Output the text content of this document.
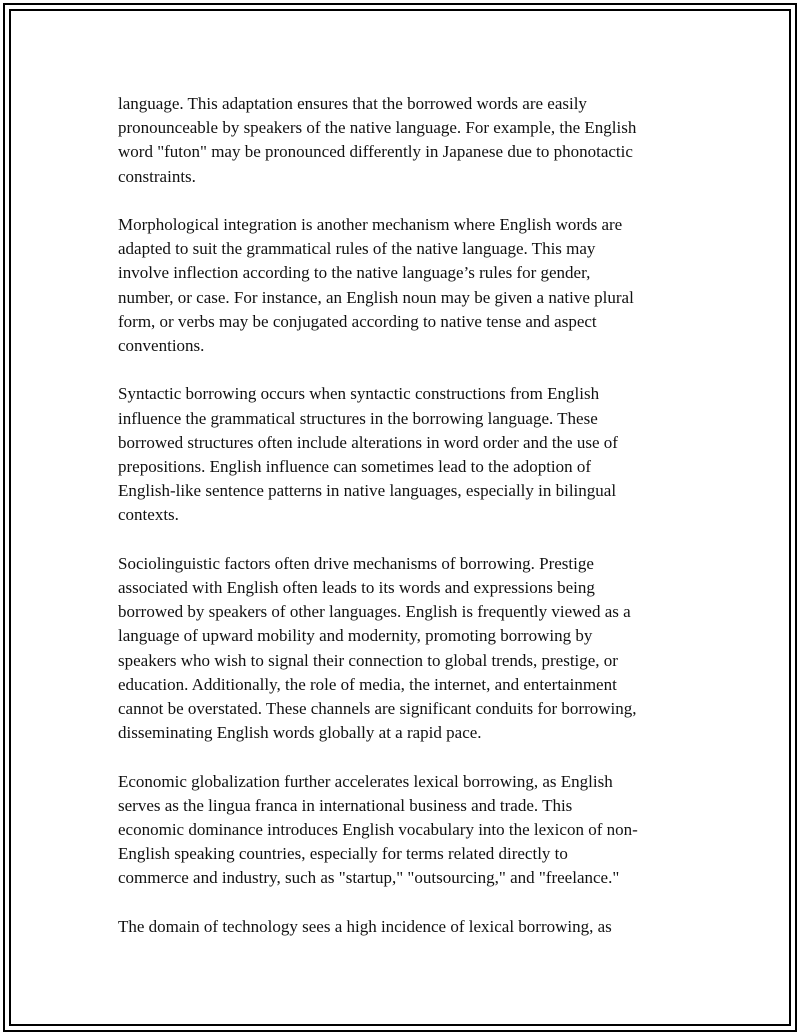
language. This adaptation ensures that the borrowed words are easily
pronounceable by speakers of the native language. For example, the English
word "futon" may be pronounced differently in Japanese due to phonotactic
constraints.

Morphological integration is another mechanism where English words are
adapted to suit the grammatical rules of the native language. This may
involve inflection according to the native language’s rules for gender,
number, or case. For instance, an English noun may be given a native plural
form, or verbs may be conjugated according to native tense and aspect
conventions.

Syntactic borrowing occurs when syntactic constructions from English
influence the grammatical structures in the borrowing language. These
borrowed structures often include alterations in word order and the use of
prepositions. English influence can sometimes lead to the adoption of
English-like sentence patterns in native languages, especially in bilingual
contexts.

Sociolinguistic factors often drive mechanisms of borrowing. Prestige
associated with English often leads to its words and expressions being
borrowed by speakers of other languages. English is frequently viewed as a
language of upward mobility and modernity, promoting borrowing by
speakers who wish to signal their connection to global trends, prestige, or
education. Additionally, the role of media, the internet, and entertainment
cannot be overstated. These channels are significant conduits for borrowing,
disseminating English words globally at a rapid pace.

Economic globalization further accelerates lexical borrowing, as English
serves as the lingua franca in international business and trade. This
economic dominance introduces English vocabulary into the lexicon of non-
English speaking countries, especially for terms related directly to
commerce and industry, such as "startup," "outsourcing," and "freelance."

The domain of technology sees a high incidence of lexical borrowing, as
